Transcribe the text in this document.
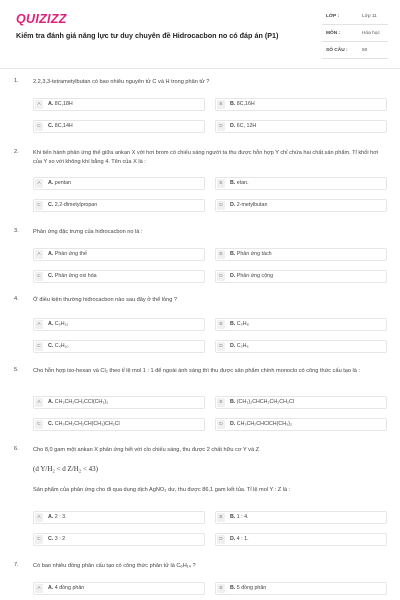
QUIZIZZ
Kiểm tra đánh giá năng lực tư duy chuyên đề Hidrocacbon no có đáp án (P1)
LỚP :	Lớp 11
MÔN :	Hóa học
SỐ CÂU :	50
1.	2,2,3,3-tetrametylbutan có bao nhiêu nguyên tử C và H trong phân tử ?
A	A. 8C,18H	B	B. 8C,16H
C	C. 8C,14H	D	D. 6C, 12H
2.	Khi tiến hành phản ứng thế giữa ankan X với hơi brom có chiếu sáng người ta thu được hỗn hợp Y chỉ chứa hai chất sản phẩm. Tỉ khối hơi của Y so với không khí bằng 4. Tên của X là :
A	A. pentan	B	B. etan.
C	C. 2,2-đimetylpropan	D	D. 2-metylbutan
3.	Phản ứng đặc trưng của hiđrocacbon no là :
A	A. Phản ứng thế	B	B. Phản ứng tách
C	C. Phản ứng oxi hóa	D	D. Phản ứng cộng
4.	Ở điều kiện thường hiđrocacbon nào sau đây ở thể lỏng ?
A	A. C₅H₁₂	B	B. C₃H₈
C	C. C₄H₁₀	D	D. C₂H₆
5.	Cho hỗn hợp iso-hexan và Cl₂ theo tỉ lệ mol 1 : 1 để ngoài ánh sáng thì thu được sản phẩm chính monoclo có công thức cấu tạo là :
A	A. CH₃CH₂CH₂CCl(CH₃)₂	B	B. (CH₃)₂CHCH₂CH₂CH₂Cl
C	C. CH₃CH₂CH₂CH(CH₃)CH₂Cl	D	D. CH₃CH₂CHClCH(CH₃)₂
6.	Cho 8,0 gam một ankan X phản ứng hết với clo chiếu sáng, thu được 2 chất hữu cơ Y và Z
(d Y/H₂ < d Z/H₂ < 43)
Sản phẩm của phản ứng cho đi qua dung dịch AgNO₃ dư, thu được 86,1 gam kết tủa. Tỉ lệ mol Y : Z là :
A	A. 2 : 3.	B	B. 1 : 4.
C	C. 3 : 2	D	D. 4 : 1.
7.	Có bao nhiêu đồng phân cấu tạo có công thức phân tử là C₆H₁₄ ?
A	A. 4 đồng phân	B	B. 5 đồng phân
